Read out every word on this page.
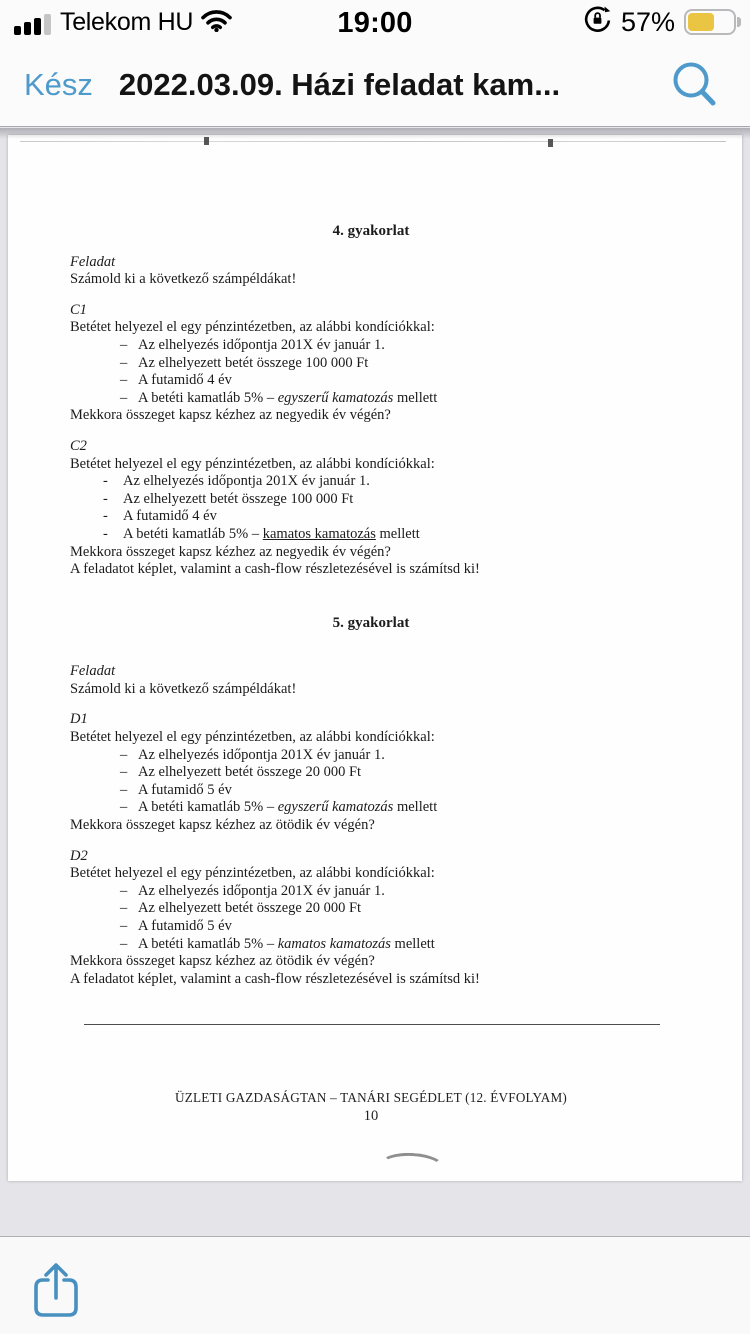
Telekom HU	19:00	57%
Kész 2022.03.09. Házi feladat kam...
4. gyakorlat
Feladat
Számold ki a következő számpéldákat!
C1
Betétet helyezel el egy pénzintézetben, az alábbi kondíciókkal:
– Az elhelyezés időpontja 201X év január 1.
– Az elhelyezett betét összege 100 000 Ft
– A futamidő 4 év
– A betéti kamatláb 5% – egyszerű kamatozás mellett
Mekkora összeget kapsz kézhez az negyedik év végén?
C2
Betétet helyezel el egy pénzintézetben, az alábbi kondíciókkal:
-	Az elhelyezés időpontja 201X év január 1.
-	Az elhelyezett betét összege 100 000 Ft
-	A futamidő 4 év
-	A betéti kamatláb 5% – kamatos kamatozás mellett
Mekkora összeget kapsz kézhez az negyedik év végén?
A feladatot képlet, valamint a cash-flow részletezésével is számítsd ki!
5. gyakorlat
Feladat
Számold ki a következő számpéldákat!
D1
Betétet helyezel el egy pénzintézetben, az alábbi kondíciókkal:
– Az elhelyezés időpontja 201X év január 1.
– Az elhelyezett betét összege 20 000 Ft
– A futamidő 5 év
– A betéti kamatláb 5% – egyszerű kamatozás mellett
Mekkora összeget kapsz kézhez az ötödik év végén?
D2
Betétet helyezel el egy pénzintézetben, az alábbi kondíciókkal:
– Az elhelyezés időpontja 201X év január 1.
– Az elhelyezett betét összege 20 000 Ft
– A futamidő 5 év
– A betéti kamatláb 5% – kamatos kamatozás mellett
Mekkora összeget kapsz kézhez az ötödik év végén?
A feladatot képlet, valamint a cash-flow részletezésével is számítsd ki!
ÜZLETI GAZDASÁGTAN – TANÁRI SEGÉDLET (12. ÉVFOLYAM)
10
